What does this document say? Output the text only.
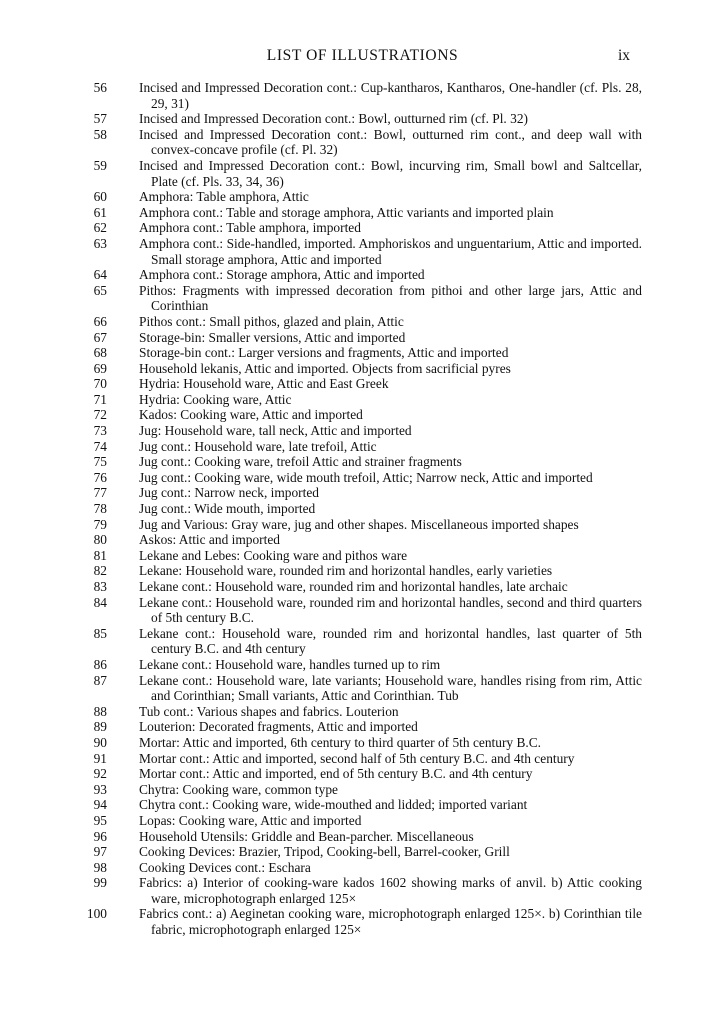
LIST OF ILLUSTRATIONS	ix
56	Incised and Impressed Decoration cont.: Cup-kantharos, Kantharos, One-handler (cf. Pls. 28, 29, 31)
57	Incised and Impressed Decoration cont.: Bowl, outturned rim (cf. Pl. 32)
58	Incised and Impressed Decoration cont.: Bowl, outturned rim cont., and deep wall with convex-concave profile (cf. Pl. 32)
59	Incised and Impressed Decoration cont.: Bowl, incurving rim, Small bowl and Saltcellar, Plate (cf. Pls. 33, 34, 36)
60	Amphora: Table amphora, Attic
61	Amphora cont.: Table and storage amphora, Attic variants and imported plain
62	Amphora cont.: Table amphora, imported
63	Amphora cont.: Side-handled, imported. Amphoriskos and unguentarium, Attic and imported. Small storage amphora, Attic and imported
64	Amphora cont.: Storage amphora, Attic and imported
65	Pithos: Fragments with impressed decoration from pithoi and other large jars, Attic and Corinthian
66	Pithos cont.: Small pithos, glazed and plain, Attic
67	Storage-bin: Smaller versions, Attic and imported
68	Storage-bin cont.: Larger versions and fragments, Attic and imported
69	Household lekanis, Attic and imported. Objects from sacrificial pyres
70	Hydria: Household ware, Attic and East Greek
71	Hydria: Cooking ware, Attic
72	Kados: Cooking ware, Attic and imported
73	Jug: Household ware, tall neck, Attic and imported
74	Jug cont.: Household ware, late trefoil, Attic
75	Jug cont.: Cooking ware, trefoil Attic and strainer fragments
76	Jug cont.: Cooking ware, wide mouth trefoil, Attic; Narrow neck, Attic and imported
77	Jug cont.: Narrow neck, imported
78	Jug cont.: Wide mouth, imported
79	Jug and Various: Gray ware, jug and other shapes. Miscellaneous imported shapes
80	Askos: Attic and imported
81	Lekane and Lebes: Cooking ware and pithos ware
82	Lekane: Household ware, rounded rim and horizontal handles, early varieties
83	Lekane cont.: Household ware, rounded rim and horizontal handles, late archaic
84	Lekane cont.: Household ware, rounded rim and horizontal handles, second and third quarters of 5th century B.C.
85	Lekane cont.: Household ware, rounded rim and horizontal handles, last quarter of 5th century B.C. and 4th century
86	Lekane cont.: Household ware, handles turned up to rim
87	Lekane cont.: Household ware, late variants; Household ware, handles rising from rim, Attic and Corinthian; Small variants, Attic and Corinthian. Tub
88	Tub cont.: Various shapes and fabrics. Louterion
89	Louterion: Decorated fragments, Attic and imported
90	Mortar: Attic and imported, 6th century to third quarter of 5th century B.C.
91	Mortar cont.: Attic and imported, second half of 5th century B.C. and 4th century
92	Mortar cont.: Attic and imported, end of 5th century B.C. and 4th century
93	Chytra: Cooking ware, common type
94	Chytra cont.: Cooking ware, wide-mouthed and lidded; imported variant
95	Lopas: Cooking ware, Attic and imported
96	Household Utensils: Griddle and Bean-parcher. Miscellaneous
97	Cooking Devices: Brazier, Tripod, Cooking-bell, Barrel-cooker, Grill
98	Cooking Devices cont.: Eschara
99	Fabrics: a) Interior of cooking-ware kados 1602 showing marks of anvil. b) Attic cooking ware, microphotograph enlarged 125×
100	Fabrics cont.: a) Aeginetan cooking ware, microphotograph enlarged 125×. b) Corinthian tile fabric, microphotograph enlarged 125×
